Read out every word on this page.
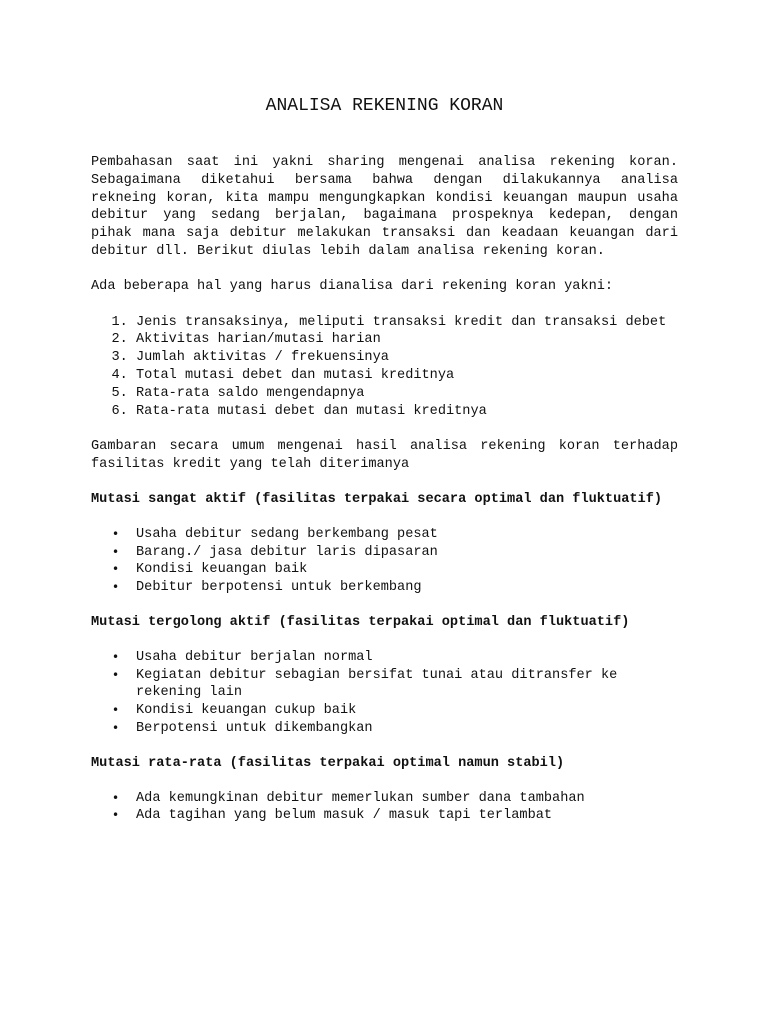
ANALISA REKENING KORAN

Pembahasan saat ini yakni sharing mengenai analisa rekening koran. Sebagaimana diketahui bersama bahwa dengan dilakukannya analisa rekneing koran, kita mampu mengungkapkan kondisi keuangan maupun usaha debitur yang sedang berjalan, bagaimana prospeknya kedepan, dengan pihak mana saja debitur melakukan transaksi dan keadaan keuangan dari debitur dll. Berikut diulas lebih dalam analisa rekening koran.

Ada beberapa hal yang harus dianalisa dari rekening koran yakni:

1. Jenis transaksinya, meliputi transaksi kredit dan transaksi debet
2. Aktivitas harian/mutasi harian
3. Jumlah aktivitas / frekuensinya
4. Total mutasi debet dan mutasi kreditnya
5. Rata-rata saldo mengendapnya
6. Rata-rata mutasi debet dan mutasi kreditnya

Gambaran secara umum mengenai hasil analisa rekening koran terhadap fasilitas kredit yang telah diterimanya

Mutasi sangat aktif (fasilitas terpakai secara optimal dan fluktuatif)

• Usaha debitur sedang berkembang pesat
• Barang./ jasa debitur laris dipasaran
• Kondisi keuangan baik
• Debitur berpotensi untuk berkembang

Mutasi tergolong aktif (fasilitas terpakai optimal dan fluktuatif)

• Usaha debitur berjalan normal
• Kegiatan debitur sebagian bersifat tunai atau ditransfer ke rekening lain
• Kondisi keuangan cukup baik
• Berpotensi untuk dikembangkan

Mutasi rata-rata (fasilitas terpakai optimal namun stabil)

• Ada kemungkinan debitur memerlukan sumber dana tambahan
• Ada tagihan yang belum masuk / masuk tapi terlambat
